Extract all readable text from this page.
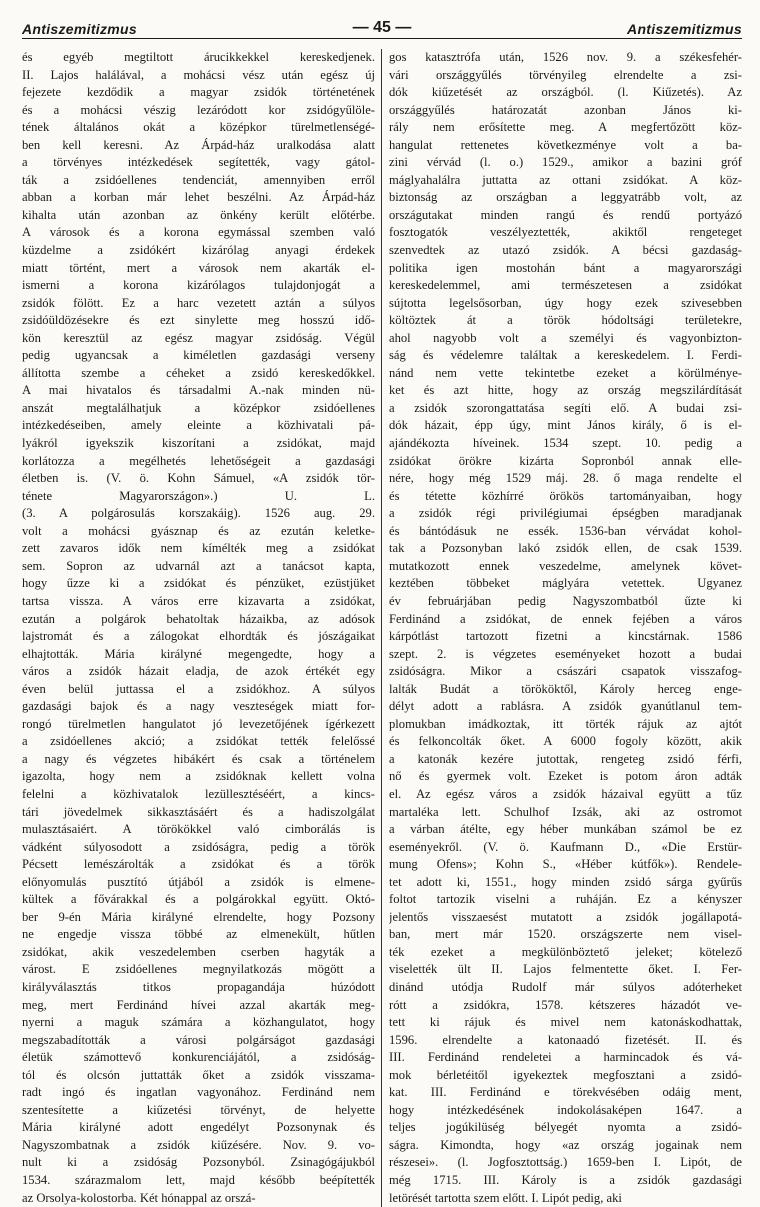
Antiszemitizmus	— 45 —	Antiszemitizmus
és egyéb megtiltott árucikkekkel kereskedjenek.
II. Lajos halálával, a mohácsi vész után egész új
fejezete kezdődik a magyar zsidók történetének
és a mohácsi vészig lezáródott kor zsidógyűlöle-
tének általános okát a középkor türelmetlenségé-
ben kell keresni. Az Árpád-ház uralkodása alatt
a törvényes intézkedések segítették, vagy gátol-
ták a zsidóellenes tendenciát, amennyiben erről
abban a korban már lehet beszélni. Az Árpád-ház
kihalta után azonban az önkény került előtérbe.
A városok és a korona egymással szemben való
küzdelme a zsidókért kizárólag anyagi érdekek
miatt történt, mert a városok nem akarták el-
ismerni a korona kizárólagos tulajdonjogát a
zsidók fölött. Ez a harc vezetett aztán a súlyos
zsidóüldözésekre és ezt sinylette meg hosszú idő-
kön keresztül az egész magyar zsidóság. Végül
pedig ugyancsak a kiméletlen gazdasági verseny
állította szembe a céheket a zsidó kereskedőkkel.
A mai hivatalos és társadalmi A.-nak minden nü-
anszát megtalálhatjuk a középkor zsidóellenes
intézkedéseiben, amely eleinte a közhivatali pá-
lyákról igyekszik kiszorítani a zsidókat, majd
korlátozza a megélhetés lehetőségeit a gazdasági
életben is. (V. ö. Kohn Sámuel, «A zsidók tör-
ténete Magyarországon».) U. L.
(3. A polgárosulás korszakáig). 1526 aug. 29.
volt a mohácsi gyásznap és az ezután keletke-
zett zavaros idők nem kímélték meg a zsidókat
sem. Sopron az udvarnál azt a tanácsot kapta,
hogy űzze ki a zsidókat és pénzüket, ezüstjüket
tartsa vissza. A város erre kizavarta a zsidókat,
ezután a polgárok behatoltak házaikba, az adósok
lajstromát és a zálogokat elhordták és jószágaikat
elhajtották. Mária királyné megengedte, hogy a
város a zsidók házait eladja, de azok értékét egy
éven belül juttassa el a zsidókhoz. A súlyos
gazdasági bajok és a nagy veszteségek miatt for-
rongó türelmetlen hangulatot jó levezetőjének ígérkezett
a zsidóellenes akció; a zsidókat tették felelőssé
a nagy és végzetes hibákért és csak a történelem
igazolta, hogy nem a zsidóknak kellett volna
felelni a közhivatalok lezüllesztéséért, a kincs-
tári jövedelmek sikkasztásáért és a hadiszolgálat
mulasztásaiért. A törökökkel való cimborálás is
vádként súlyosodott a zsidóságra, pedig a török
Pécsett lemészárolták a zsidókat és a török
előnyomulás pusztító útjából a zsidók is elmene-
kültek a fővárakkal és a polgárokkal együtt. Októ-
ber 9-én Mária királyné elrendelte, hogy Pozsony
ne engedje vissza többé az elmenekült, hűtlen
zsidókat, akik veszedelemben cserben hagyták a
várost. E zsidóellenes megnyilatkozás mögött a
királyválasztás titkos propagandája húzódott
meg, mert Ferdinánd hívei azzal akarták meg-
nyerni a maguk számára a közhangulatot, hogy
megszabadították a városi polgárságot gazdasági
életük számottevő konkurenciájától, a zsidóság-
tól és olcsón juttatták őket a zsidók visszama-
radt ingó és ingatlan vagyonához. Ferdinánd nem
szentesítette a kiűzetési törvényt, de helyette
Mária királyné adott engedélyt Pozsonynak és
Nagyszombatnak a zsidók kiűzésére. Nov. 9. vo-
nult ki a zsidóság Pozsonyból. Zsinagógájukból
1534. szárazmalom lett, majd később beépítették
az Orsolya-kolostorba. Két hónappal az orszá-
gos katasztrófa után, 1526 nov. 9. a székesfehér-
vári országgyűlés törvényileg elrendelte a zsi-
dók kiűzetését az országból. (l. Kiűzetés). Az
országgyűlés határozatát azonban János ki-
rály nem erősítette meg. A megfertőzött köz-
hangulat rettenetes következménye volt a ba-
zini vérvád (l. o.) 1529., amikor a bazini gróf
máglyahalálra juttatta az ottani zsidókat. A köz-
biztonság az országban a leggyatrább volt, az
országutakat minden rangú és rendű portyázó
fosztogatók veszélyeztették, akiktől rengeteget
szenvedtek az utazó zsidók. A bécsi gazdaság-
politika igen mostohán bánt a magyarországi
kereskedelemmel, ami természetesen a zsidókat
sújtotta legelsősorban, úgy hogy ezek szivesebben
költöztek át a török hódoltsági területekre,
ahol nagyobb volt a személyi és vagyonbizton-
ság és védelemre találtak a kereskedelem. I. Ferdi-
nánd nem vette tekintetbe ezeket a körülménye-
ket és azt hitte, hogy az ország megszilárdítását
a zsidók szorongattatása segíti elő. A budai zsi-
dók házait, épp úgy, mint János király, ő is el-
ajándékozta híveinek. 1534 szept. 10. pedig a
zsidókat örökre kizárta Sopronból annak elle-
nére, hogy még 1529 máj. 28. ő maga rendelte el
és tétette közhírré örökös tartományaiban, hogy
a zsidók régi privilégiumai épségben maradjanak
és bántódásuk ne essék. 1536-ban vérvádat kohol-
tak a Pozsonyban lakó zsidók ellen, de csak 1539.
mutatkozott ennek veszedelme, amelynek követ-
keztében többeket máglyára vetettek. Ugyanez
év februárjában pedig Nagyszombatból űzte ki
Ferdinánd a zsidókat, de ennek fejében a város
kárpótlást tartozott fizetni a kincstárnak. 1586
szept. 2. is végzetes eseményeket hozott a budai
zsidóságra. Mikor a császári csapatok visszafog-
lalták Budát a törököktől, Károly herceg enge-
délyt adott a rablásra. A zsidók gyanútlanul tem-
plomukban imádkoztak, itt törték rájuk az ajtót
és felkoncolták őket. A 6000 fogoly között, akik
a katonák kezére jutottak, rengeteg zsidó férfi,
nő és gyermek volt. Ezeket is potom áron adták
el. Az egész város a zsidók házaival együtt a tűz
martaléka lett. Schulhof Izsák, aki az ostromot
a várban átélte, egy héber munkában számol be ez
eseményekről. (V. ö. Kaufmann D., «Die Erstür-
mung Ofens»; Kohn S., «Héber kútfők»). Rendele-
tet adott ki, 1551., hogy minden zsidó sárga gyűrűs
foltot tartozik viselni a ruháján. Ez a kényszer
jelentős visszaesést mutatott a zsidók jogállapotá-
ban, mert már 1520. országszerte nem visel-
ték ezeket a megkülönböztető jeleket; kötelező
viselették ült II. Lajos felmentette őket. I. Fer-
dinánd utódja Rudolf már súlyos adóterheket
rótt a zsidókra, 1578. kétszeres házadót ve-
tett ki rájuk és mivel nem katonáskodhattak,
1596. elrendelte a katonaadó fizetését. II. és
III. Ferdinánd rendeletei a harmincadok és vá-
mok bérletéitől igyekeztek megfosztani a zsidó-
kat. III. Ferdinánd e törekvésében odáig ment,
hogy intézkedésének indokolásaképen 1647. a
teljes jogúkilüség bélyegét nyomta a zsidó-
ságra. Kimondta, hogy «az ország jogainak nem
részesei». (l. Jogfosztottság.) 1659-ben I. Lipót, de
még 1715. III. Károly is a zsidók gazdasági
letörését tartotta szem előtt. I. Lipót pedig, aki
